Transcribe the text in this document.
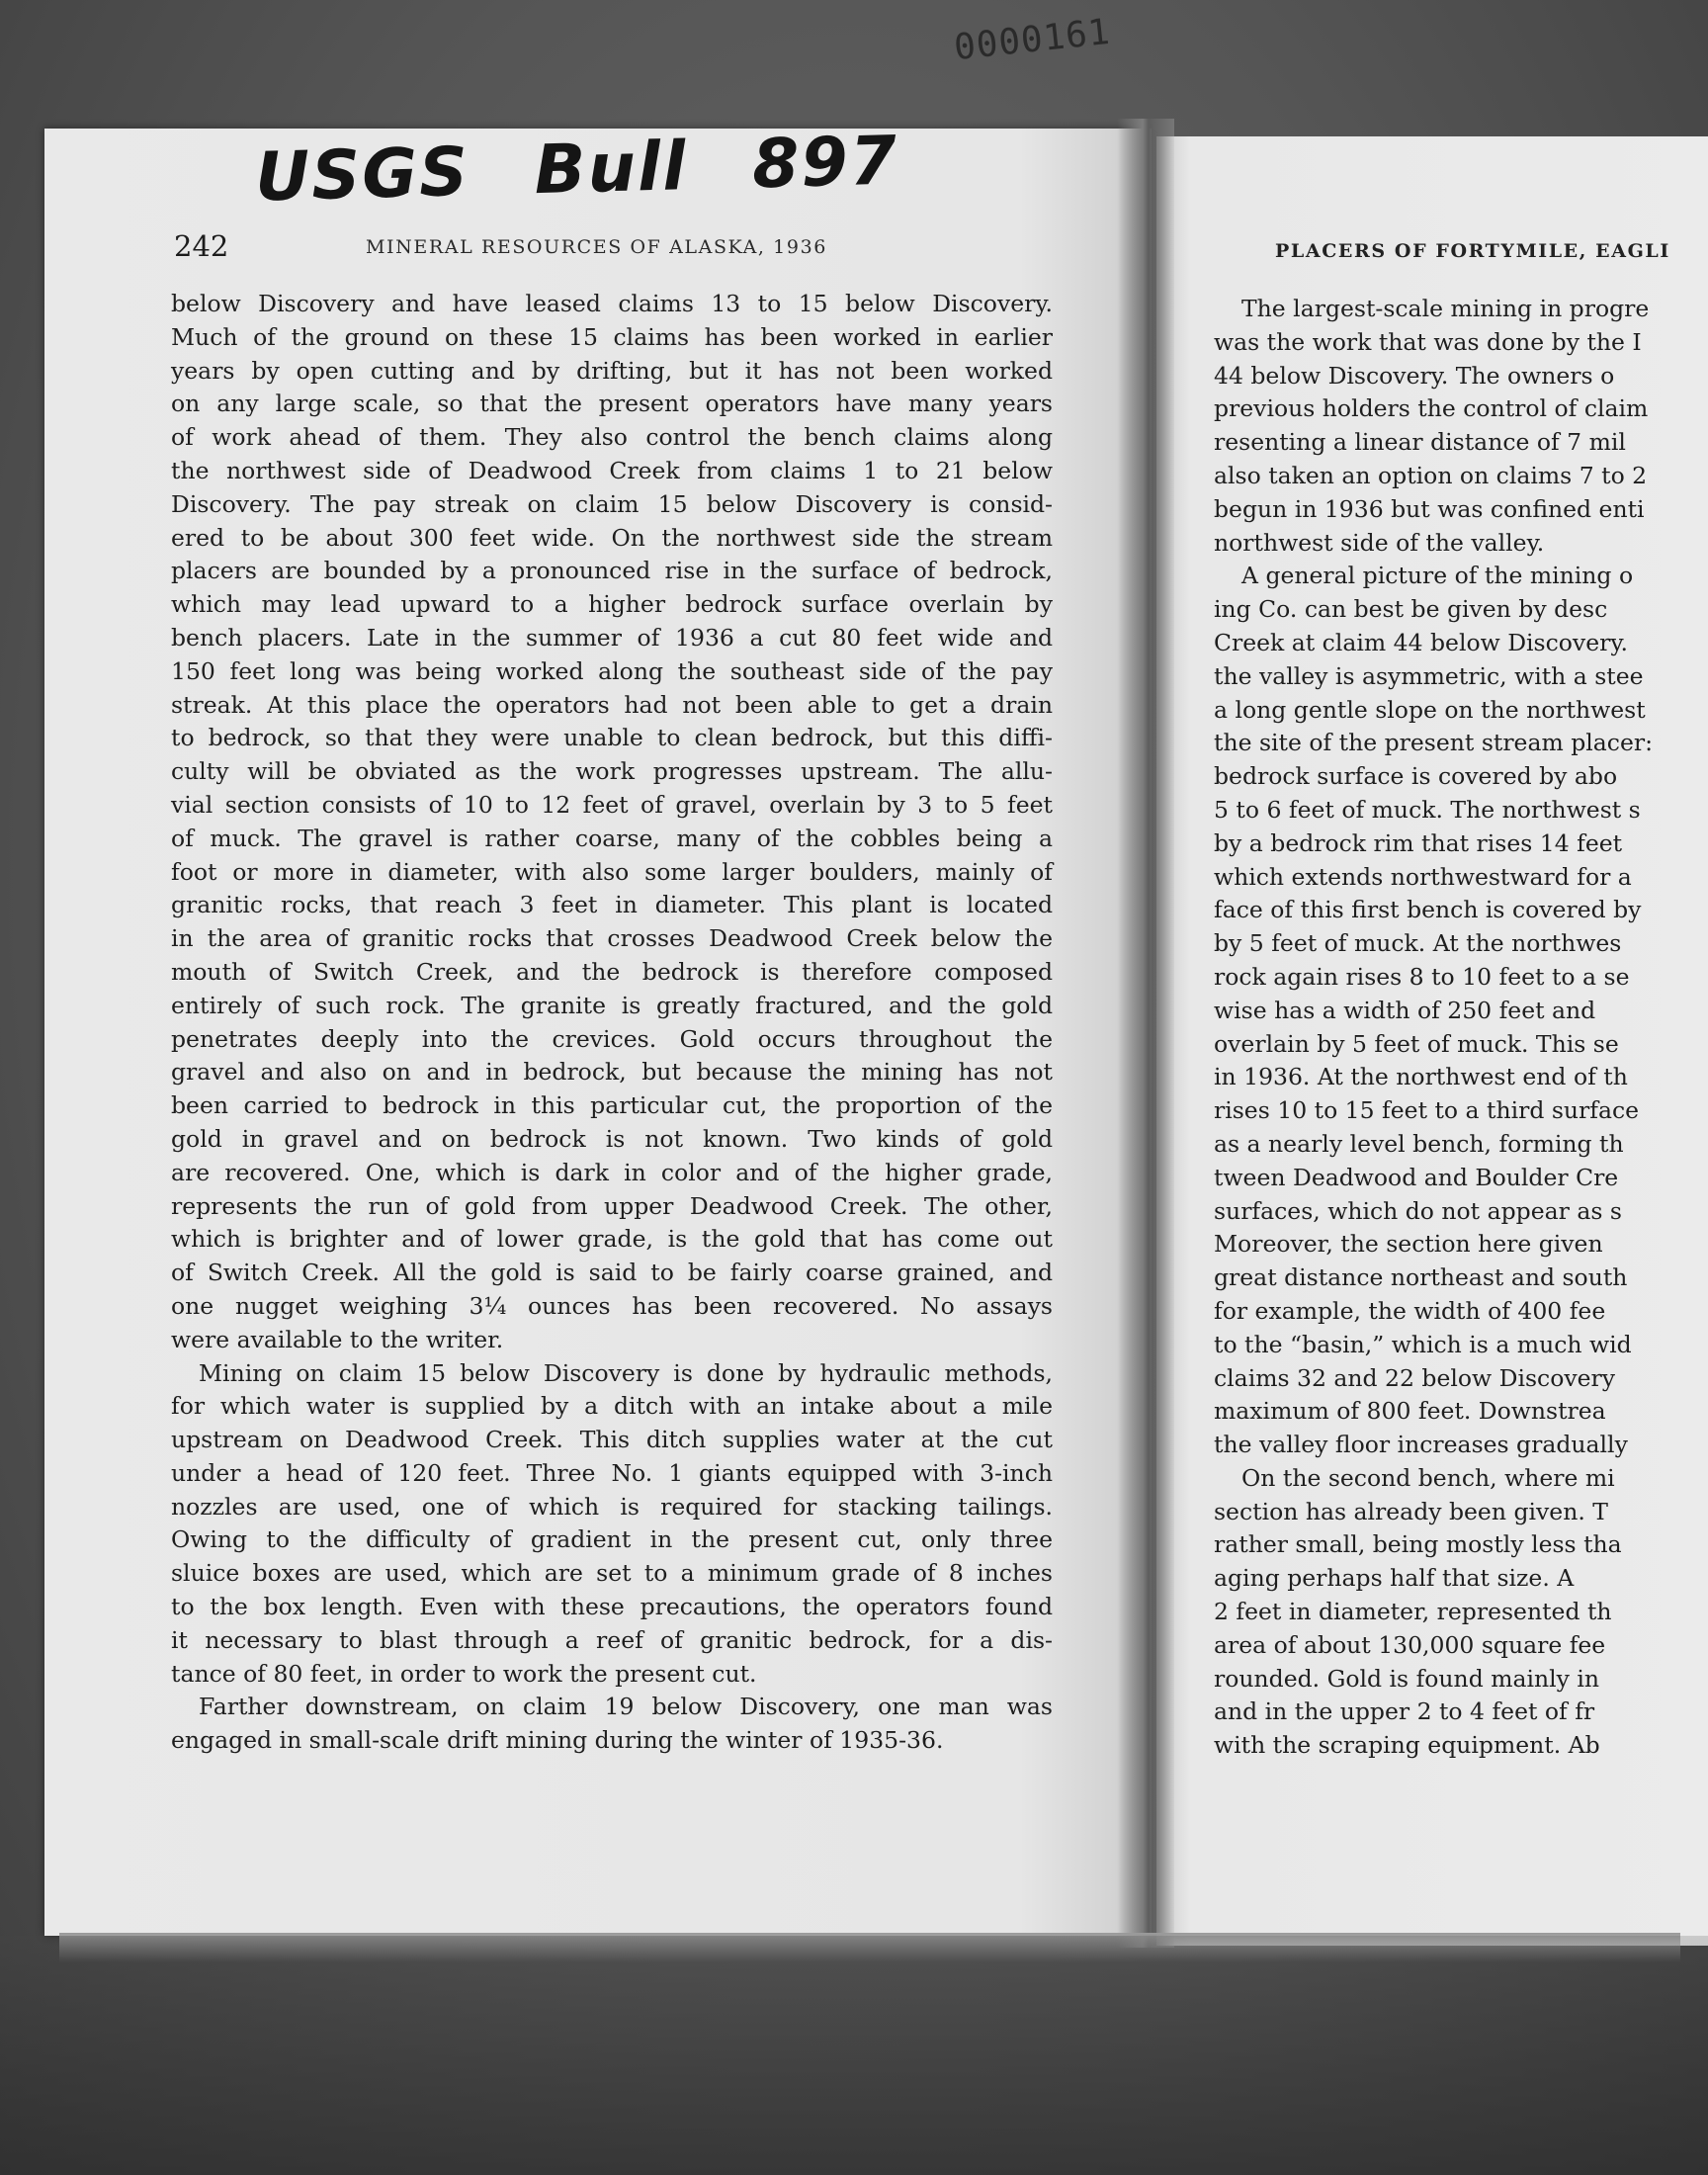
0000161
PLACERS OF FORTYMILE, EAGLI
The largest-scale mining in progre
was the work that was done by the I
44 below Discovery. The owners o
previous holders the control of claim
resenting a linear distance of 7 mil
also taken an option on claims 7 to 2
begun in 1936 but was confined enti
northwest side of the valley.
A general picture of the mining o
ing Co. can best be given by desc
Creek at claim 44 below Discovery.
the valley is asymmetric, with a stee
a long gentle slope on the northwest
the site of the present stream placer:
bedrock surface is covered by abo
5 to 6 feet of muck. The northwest s
by a bedrock rim that rises 14 feet
which extends northwestward for a
face of this first bench is covered by
by 5 feet of muck. At the northwes
rock again rises 8 to 10 feet to a se
wise has a width of 250 feet and
overlain by 5 feet of muck. This se
in 1936. At the northwest end of th
rises 10 to 15 feet to a third surface
as a nearly level bench, forming th
tween Deadwood and Boulder Cre
surfaces, which do not appear as s
Moreover, the section here given
great distance northeast and south
for example, the width of 400 fee
to the “basin,” which is a much wid
claims 32 and 22 below Discovery
maximum of 800 feet. Downstrea
the valley floor increases gradually
On the second bench, where mi
section has already been given. T
rather small, being mostly less tha
aging perhaps half that size. A
2 feet in diameter, represented th
area of about 130,000 square fee
rounded. Gold is found mainly in
and in the upper 2 to 4 feet of fr
with the scraping equipment. Ab
USGS Bull 897
242	MINERAL RESOURCES OF ALASKA, 1936

below Discovery and have leased claims 13 to 15 below Discovery.
Much of the ground on these 15 claims has been worked in earlier
years by open cutting and by drifting, but it has not been worked
on any large scale, so that the present operators have many years
of work ahead of them. They also control the bench claims along
the northwest side of Deadwood Creek from claims 1 to 21 below
Discovery. The pay streak on claim 15 below Discovery is consid-
ered to be about 300 feet wide. On the northwest side the stream
placers are bounded by a pronounced rise in the surface of bedrock,
which may lead upward to a higher bedrock surface overlain by
bench placers. Late in the summer of 1936 a cut 80 feet wide and
150 feet long was being worked along the southeast side of the pay
streak. At this place the operators had not been able to get a drain
to bedrock, so that they were unable to clean bedrock, but this diffi-
culty will be obviated as the work progresses upstream. The allu-
vial section consists of 10 to 12 feet of gravel, overlain by 3 to 5 feet
of muck. The gravel is rather coarse, many of the cobbles being a
foot or more in diameter, with also some larger boulders, mainly of
granitic rocks, that reach 3 feet in diameter. This plant is located
in the area of granitic rocks that crosses Deadwood Creek below the
mouth of Switch Creek, and the bedrock is therefore composed
entirely of such rock. The granite is greatly fractured, and the gold
penetrates deeply into the crevices. Gold occurs throughout the
gravel and also on and in bedrock, but because the mining has not
been carried to bedrock in this particular cut, the proportion of the
gold in gravel and on bedrock is not known. Two kinds of gold
are recovered. One, which is dark in color and of the higher grade,
represents the run of gold from upper Deadwood Creek. The other,
which is brighter and of lower grade, is the gold that has come out
of Switch Creek. All the gold is said to be fairly coarse grained, and
one nugget weighing 3¼ ounces has been recovered. No assays
were available to the writer.

Mining on claim 15 below Discovery is done by hydraulic methods,
for which water is supplied by a ditch with an intake about a mile
upstream on Deadwood Creek. This ditch supplies water at the cut
under a head of 120 feet. Three No. 1 giants equipped with 3-inch
nozzles are used, one of which is required for stacking tailings.
Owing to the difficulty of gradient in the present cut, only three
sluice boxes are used, which are set to a minimum grade of 8 inches
to the box length. Even with these precautions, the operators found
it necessary to blast through a reef of granitic bedrock, for a dis-
tance of 80 feet, in order to work the present cut.

Farther downstream, on claim 19 below Discovery, one man was
engaged in small-scale drift mining during the winter of 1935-36.
